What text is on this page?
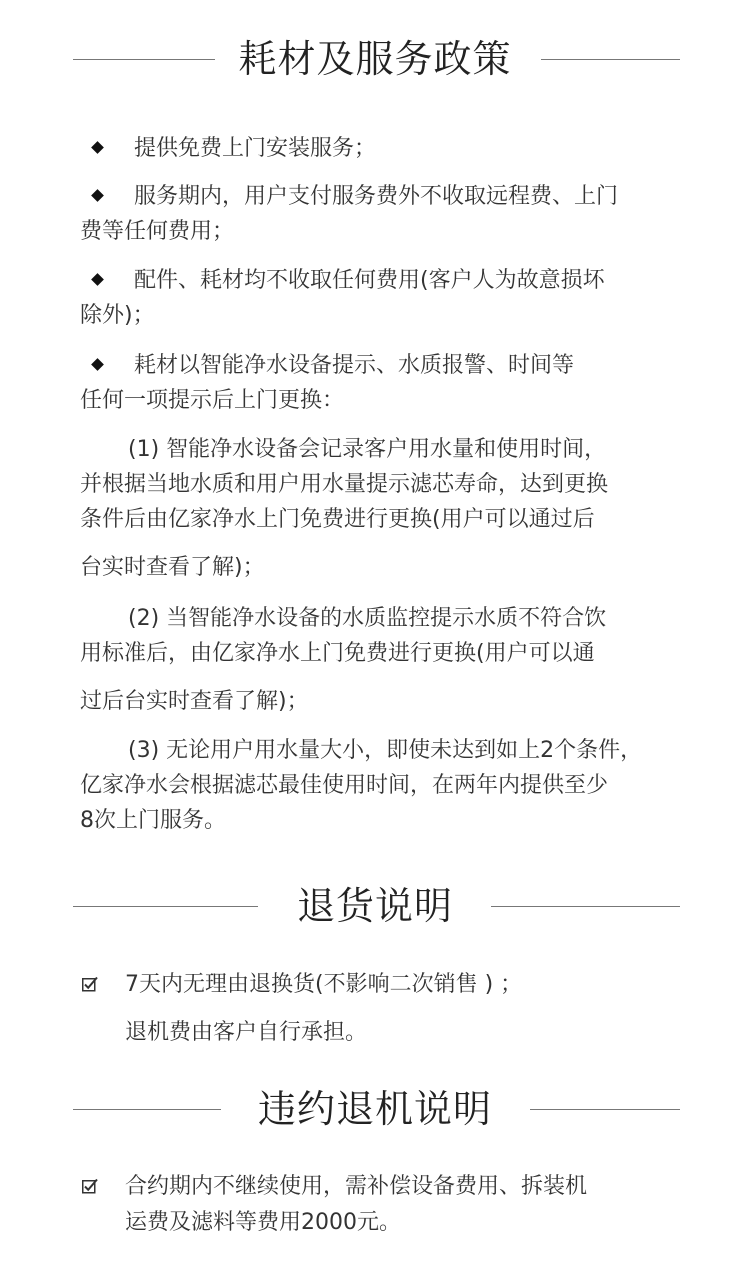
耗材及服务政策
提供免费上门安装服务；
服务期内，用户支付服务费外不收取远程费、上门
费等任何费用；
配件、耗材均不收取任何费用(客户人为故意损坏
除外)；
耗材以智能净水设备提示、水质报警、时间等
任何一项提示后上门更换：
(1) 智能净水设备会记录客户用水量和使用时间，
并根据当地水质和用户用水量提示滤芯寿命，达到更换
条件后由亿家净水上门免费进行更换(用户可以通过后
台实时查看了解)；
(2) 当智能净水设备的水质监控提示水质不符合饮
用标准后，由亿家净水上门免费进行更换(用户可以通
过后台实时查看了解)；
(3) 无论用户用水量大小，即使未达到如上2个条件，
亿家净水会根据滤芯最佳使用时间，在两年内提供至少
8次上门服务。
退货说明
7天内无理由退换货(不影响二次销售 ) ；
退机费由客户自行承担。
违约退机说明
合约期内不继续使用，需补偿设备费用、拆装机
运费及滤料等费用2000元。
